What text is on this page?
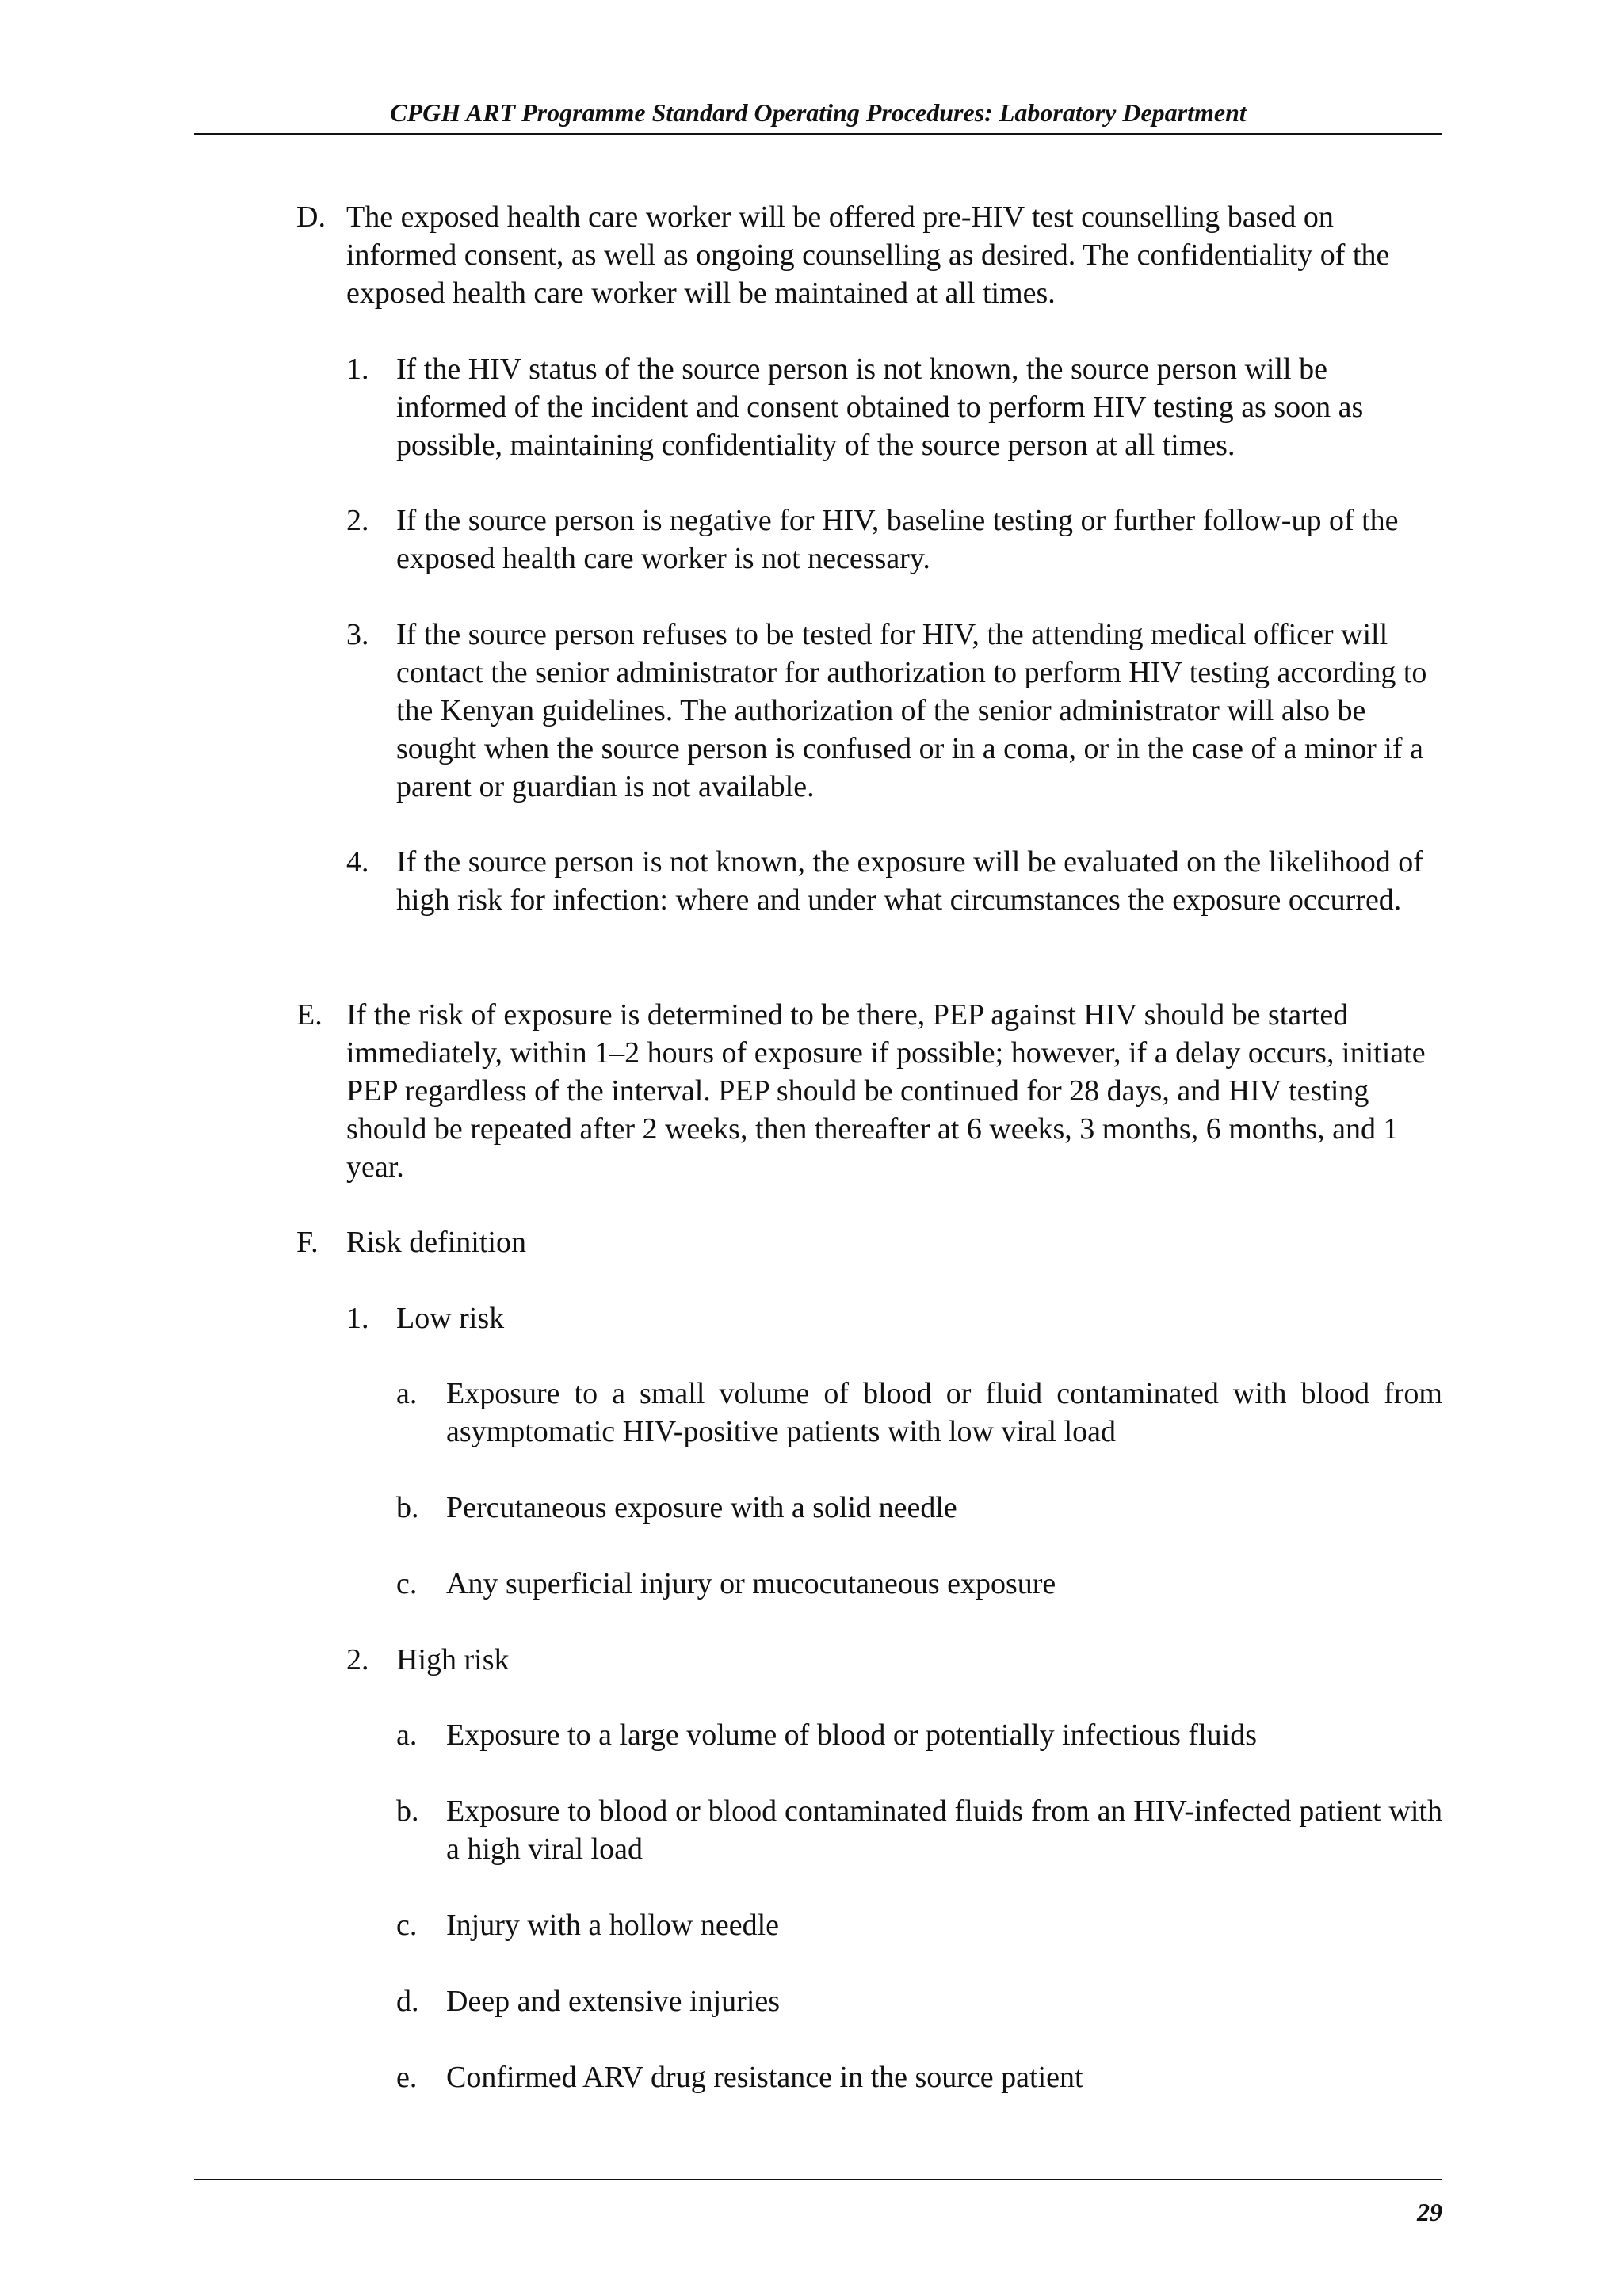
CPGH ART Programme Standard Operating Procedures: Laboratory Department
D. The exposed health care worker will be offered pre-HIV test counselling based on informed consent, as well as ongoing counselling as desired. The confidentiality of the exposed health care worker will be maintained at all times.
1. If the HIV status of the source person is not known, the source person will be informed of the incident and consent obtained to perform HIV testing as soon as possible, maintaining confidentiality of the source person at all times.
2. If the source person is negative for HIV, baseline testing or further follow-up of the exposed health care worker is not necessary.
3. If the source person refuses to be tested for HIV, the attending medical officer will contact the senior administrator for authorization to perform HIV testing according to the Kenyan guidelines. The authorization of the senior administrator will also be sought when the source person is confused or in a coma, or in the case of a minor if a parent or guardian is not available.
4. If the source person is not known, the exposure will be evaluated on the likelihood of high risk for infection: where and under what circumstances the exposure occurred.
E. If the risk of exposure is determined to be there, PEP against HIV should be started immediately, within 1–2 hours of exposure if possible; however, if a delay occurs, initiate PEP regardless of the interval. PEP should be continued for 28 days, and HIV testing should be repeated after 2 weeks, then thereafter at 6 weeks, 3 months, 6 months, and 1 year.
F. Risk definition
1. Low risk
a. Exposure to a small volume of blood or fluid contaminated with blood from asymptomatic HIV-positive patients with low viral load
b. Percutaneous exposure with a solid needle
c. Any superficial injury or mucocutaneous exposure
2. High risk
a. Exposure to a large volume of blood or potentially infectious fluids
b. Exposure to blood or blood contaminated fluids from an HIV-infected patient with a high viral load
c. Injury with a hollow needle
d. Deep and extensive injuries
e. Confirmed ARV drug resistance in the source patient
29
